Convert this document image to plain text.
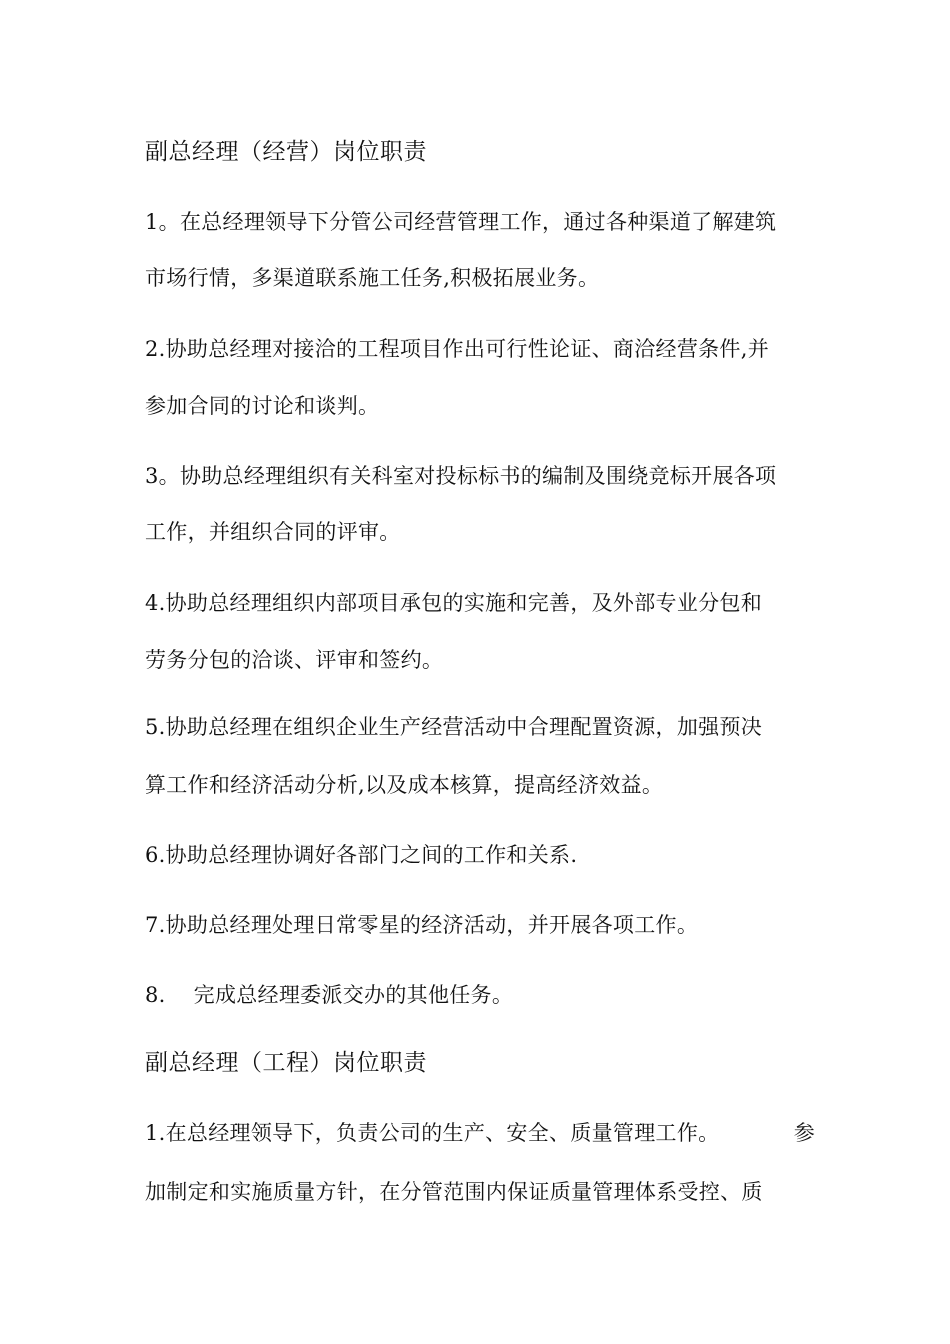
副总经理（经营）岗位职责
1。在总经理领导下分管公司经营管理工作，通过各种渠道了解建筑
市场行情，多渠道联系施工任务,积极拓展业务。
2.协助总经理对接洽的工程项目作出可行性论证、商洽经营条件,并
参加合同的讨论和谈判。
3。协助总经理组织有关科室对投标标书的编制及围绕竞标开展各项
工作，并组织合同的评审。
4.协助总经理组织内部项目承包的实施和完善，及外部专业分包和
劳务分包的洽谈、评审和签约。
5.协助总经理在组织企业生产经营活动中合理配置资源，加强预决
算工作和经济活动分析,以及成本核算，提高经济效益。
6.协助总经理协调好各部门之间的工作和关系.
7.协助总经理处理日常零星的经济活动，并开展各项工作。
8. 完成总经理委派交办的其他任务。
副总经理（工程）岗位职责
1.在总经理领导下，负责公司的生产、安全、质量管理工作。	参
加制定和实施质量方针，在分管范围内保证质量管理体系受控、质
